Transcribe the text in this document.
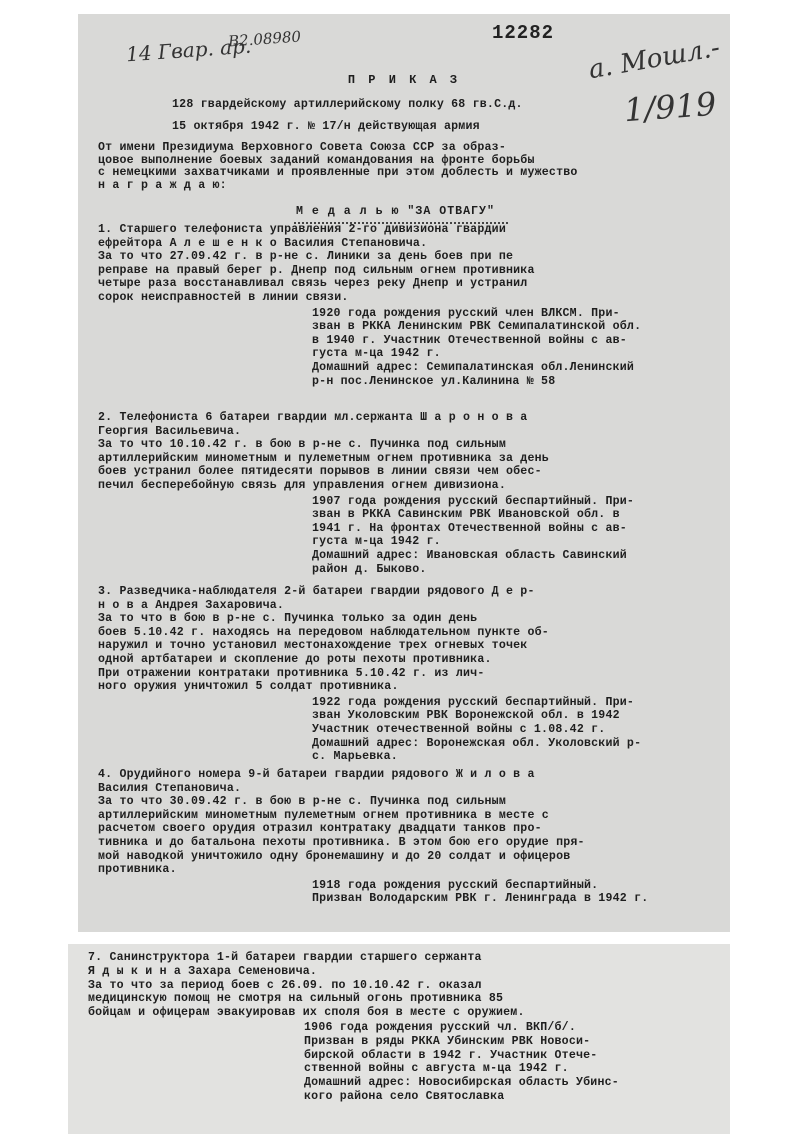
14 Гвар. ар.
B2.08980	12282 a. Мошл.-
1/919
П Р И К А З
128 гвардейскому артиллерийскому полку 68 гв.С.д.
15 октября 1942 г. № 17/н действующая армия
От имени Президиума Верховного Совета Союза ССР за образ-
цовое выполнение боевых заданий командования на фронте борьбы
с немецкими захватчиками и проявленные при этом доблесть и мужество
н а г р а ж д а ю:
М е д а л ь ю "ЗА ОТВАГУ"
1. Старшего телефониста управления 2-го дивизиона гвардии
ефрейтора А л е ш е н к о Василия Степановича.
За то что 27.09.42 г. в р-не с. Линики за день боев при пе
реправе на правый берег р. Днепр под сильным огнем противника
четыре раза восстанавливал связь через реку Днепр и устранил
сорок неисправностей в линии связи.
1920 года рождения русский член ВЛКСМ. При-
зван в РККА Ленинским РВК Семипалатинской обл.
в 1940 г. Участник Отечественной войны с ав-
густа м-ца 1942 г.
Домашний адрес: Семипалатинская обл.Ленинский
р-н пос.Ленинское ул.Калинина № 58
2. Телефониста 6 батареи гвардии мл.сержанта Ш а р о н о в а
Георгия Васильевича.
За то что 10.10.42 г. в бою в р-не с. Пучинка под сильным
артиллерийским минометным и пулеметным огнем противника за день
боев устранил более пятидесяти порывов в линии связи чем обес-
печил бесперебойную связь для управления огнем дивизиона.
1907 года рождения русский беспартийный. При-
зван в РККА Савинским РВК Ивановской обл. в
1941 г. На фронтах Отечественной войны с ав-
густа м-ца 1942 г.
Домашний адрес: Ивановская область Савинский
район д. Быково.
3. Разведчика-наблюдателя 2-й батареи гвардии рядового Д е р-
н о в а Андрея Захаровича.
За то что в бою в р-не с. Пучинка только за один день
боев 5.10.42 г. находясь на передовом наблюдательном пункте об-
наружил и точно установил местонахождение трех огневых точек
одной артбатареи и скопление до роты пехоты противника.
При отражении контратаки противника 5.10.42 г. из лич-
ного оружия уничтожил 5 солдат противника.
1922 года рождения русский беспартийный. При-
зван Уколовским РВК Воронежской обл. в 1942
Участник отечественной войны с 1.08.42 г.
Домашний адрес: Воронежская обл. Уколовский р-
с. Марьевка.
4. Орудийного номера 9-й батареи гвардии рядового Ж и л о в а
Василия Степановича.
За то что 30.09.42 г. в бою в р-не с. Пучинка под сильным
артиллерийским минометным пулеметным огнем противника в месте с
расчетом своего орудия отразил контратаку двадцати танков про-
тивника и до батальона пехоты противника. В этом бою его орудие пря-
мой наводкой уничтожило одну бронемашину и до 20 солдат и офицеров
противника.
1918 года рождения русский беспартийный.
Призван Володарским РВК г. Ленинграда в 1942 г.
7. Санинструктора 1-й батареи гвардии старшего сержанта
Я д ы к и н а Захара Семеновича.
За то что за период боев с 26.09. по 10.10.42 г. оказал
медицинскую помощ не смотря на сильный огонь противника 85
бойцам и офицерам эвакуировав их споля боя в месте с оружием.
1906 года рождения русский чл. ВКП/б/.
Призван в ряды РККА Убинским РВК Новоси-
бирской области в 1942 г. Участник Отече-
ственной войны с августа м-ца 1942 г.
Домашний адрес: Новосибирская область Убинс-
кого района село Святославка
